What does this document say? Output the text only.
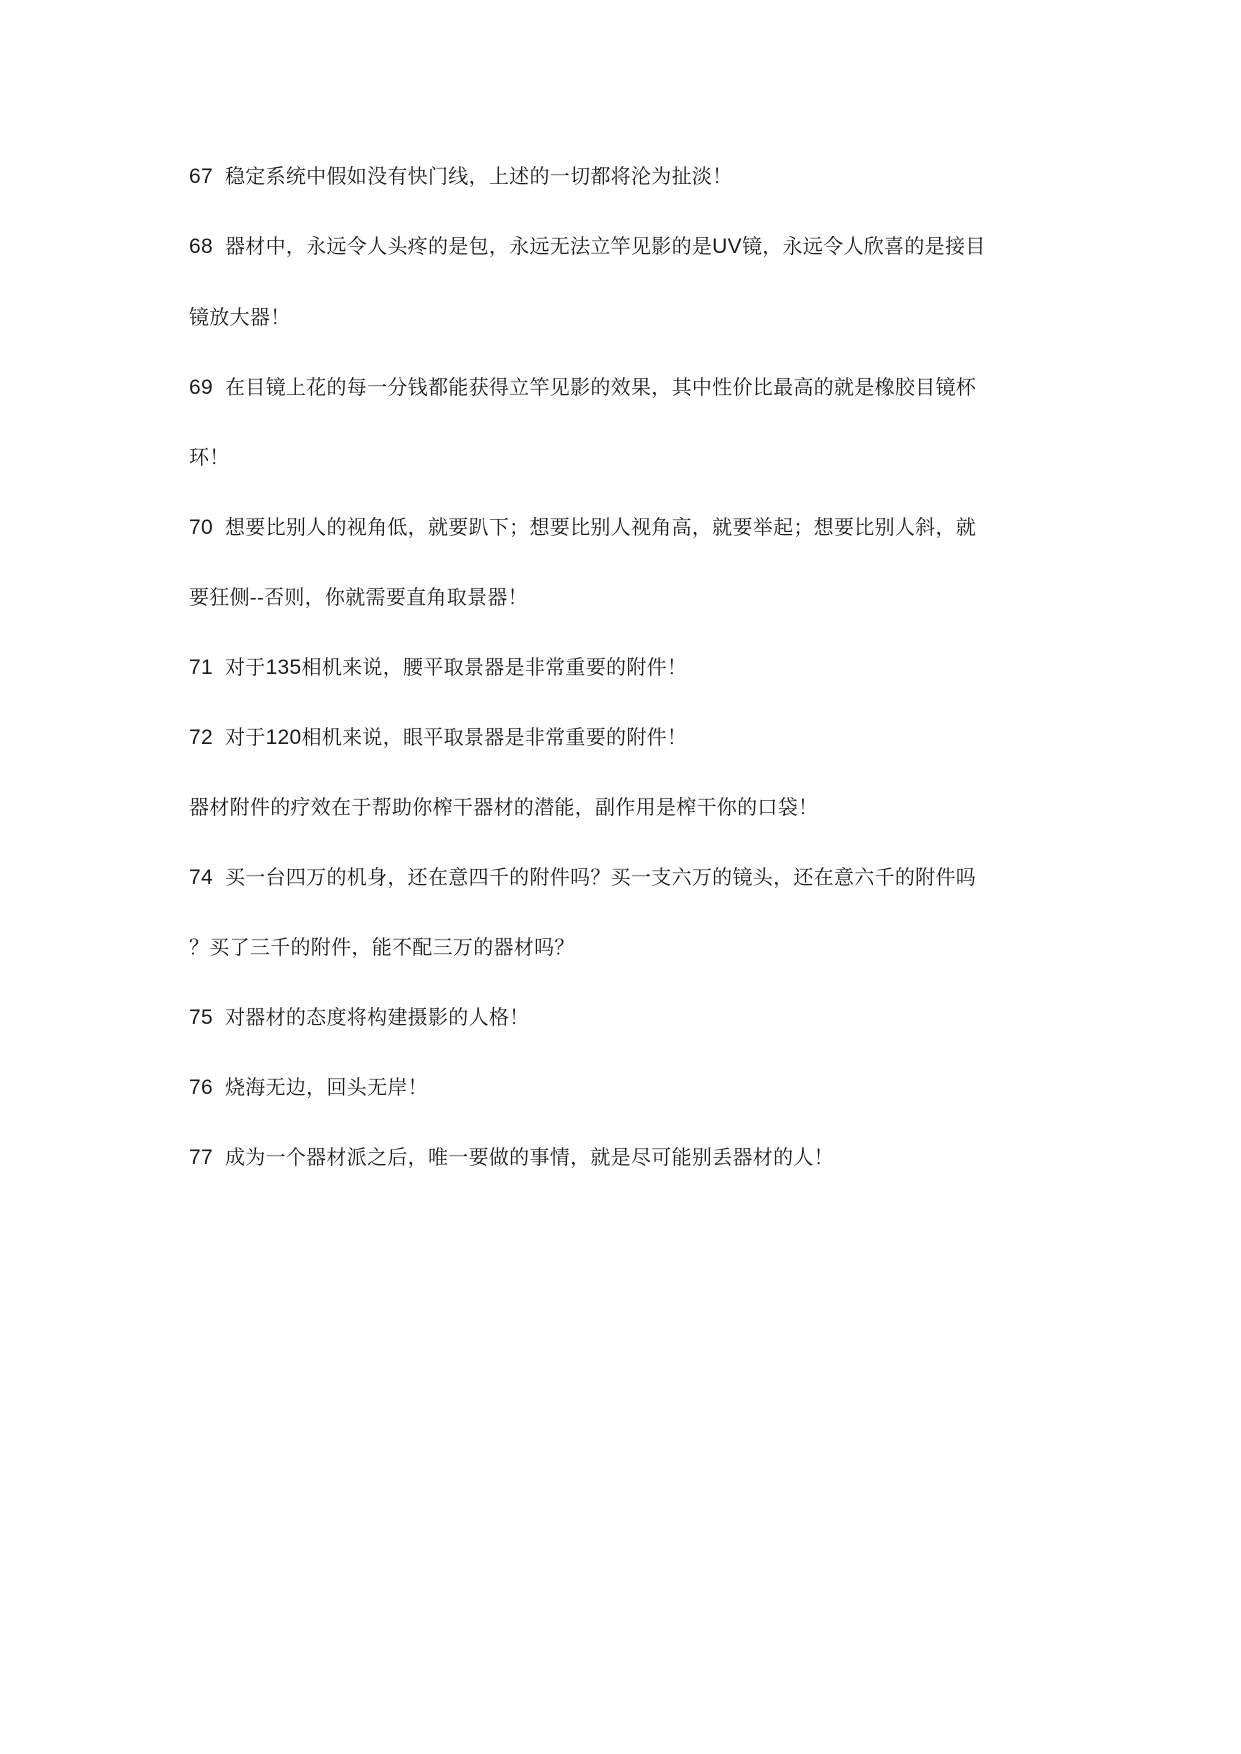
67 稳定系统中假如没有快门线，上述的一切都将沦为扯淡！
68 器材中，永远令人头疼的是包，永远无法立竿见影的是UV镜，永远令人欣喜的是接目
镜放大器！
69 在目镜上花的每一分钱都能获得立竿见影的效果，其中性价比最高的就是橡胶目镜杯
环！
70 想要比别人的视角低，就要趴下；想要比别人视角高，就要举起；想要比别人斜，就
要狂侧--否则，你就需要直角取景器！
71 对于135相机来说，腰平取景器是非常重要的附件！
72 对于120相机来说，眼平取景器是非常重要的附件！
器材附件的疗效在于帮助你榨干器材的潜能，副作用是榨干你的口袋！
74 买一台四万的机身，还在意四千的附件吗？买一支六万的镜头，还在意六千的附件吗
？买了三千的附件，能不配三万的器材吗？
75 对器材的态度将构建摄影的人格！
76 烧海无边，回头无岸！
77 成为一个器材派之后，唯一要做的事情，就是尽可能别丢器材的人！
